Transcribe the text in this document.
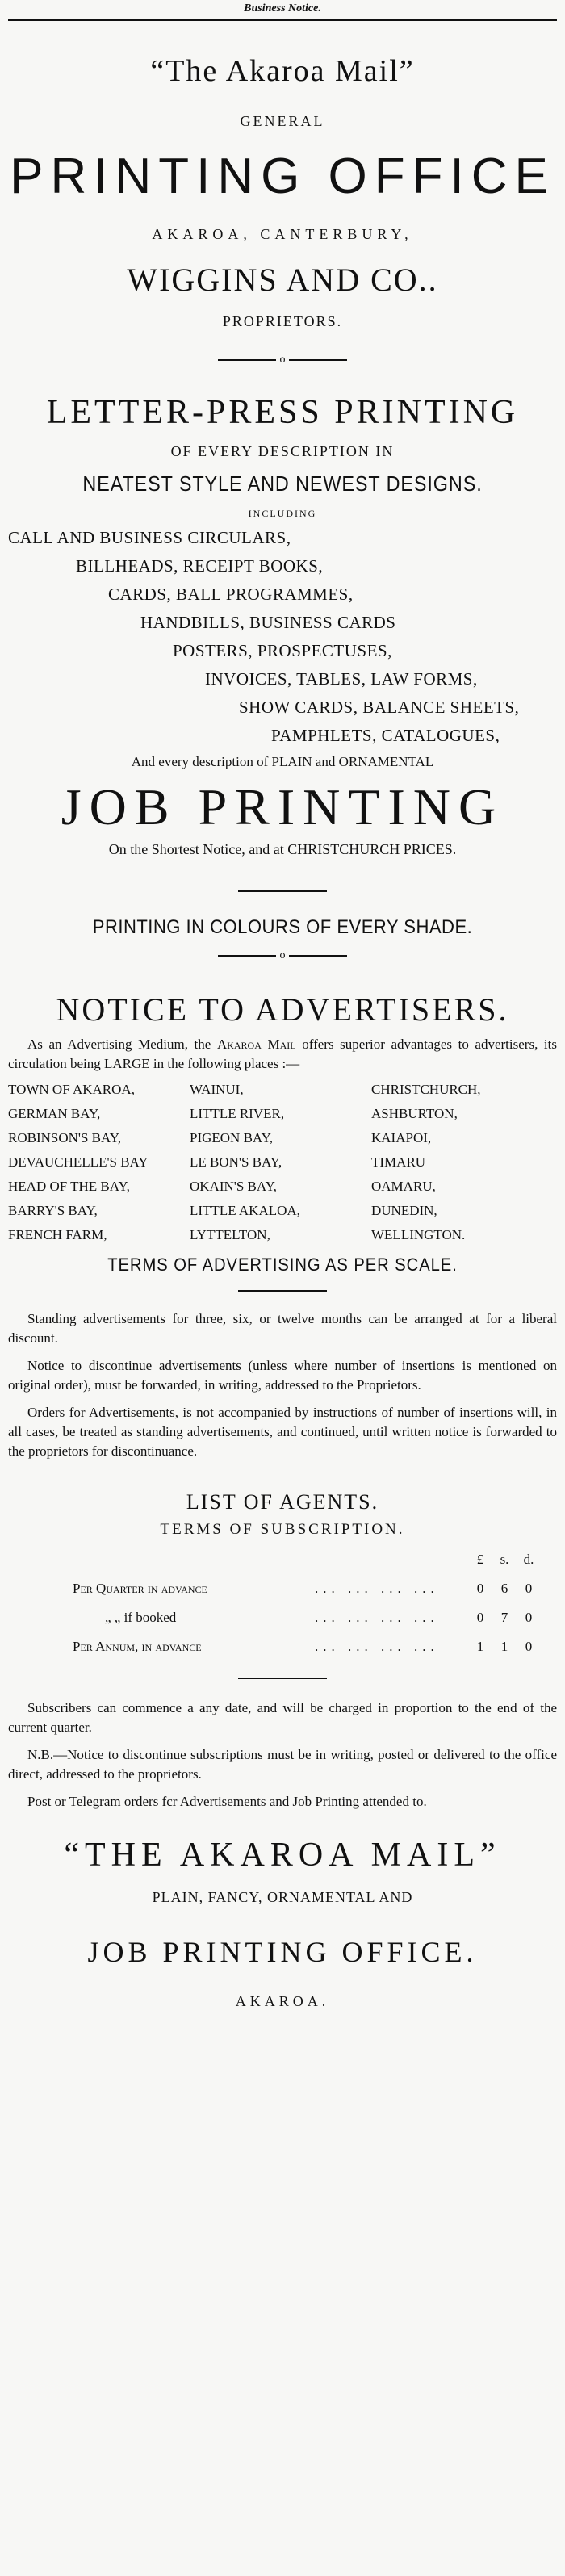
Business Notice.
“The Akaroa Mail”
GENERAL
PRINTING OFFICE
AKAROA, CANTERBURY,
WIGGINS AND CO..
PROPRIETORS.
o
LETTER-PRESS PRINTING
OF EVERY DESCRIPTION IN
NEATEST STYLE AND NEWEST DESIGNS.
INCLUDING
CALL AND BUSINESS CIRCULARS,
BILLHEADS, RECEIPT BOOKS,
CARDS, BALL PROGRAMMES,
HANDBILLS, BUSINESS CARDS
POSTERS, PROSPECTUSES,
INVOICES, TABLES, LAW FORMS,
SHOW CARDS, BALANCE SHEETS,
PAMPHLETS, CATALOGUES,
And every description of PLAIN and ORNAMENTAL
JOB PRINTING
On the Shortest Notice, and at CHRISTCHURCH PRICES.
PRINTING IN COLOURS OF EVERY SHADE.
o
NOTICE TO ADVERTISERS.
As an Advertising Medium, the Akaroa Mail offers superior advantages to advertisers, its circulation being LARGE in the following places :—
TOWN OF AKAROA,	WAINUI,	CHRISTCHURCH,
GERMAN BAY,	LITTLE RIVER,	ASHBURTON,
ROBINSON'S BAY,	PIGEON BAY,	KAIAPOI,
DEVAUCHELLE'S BAY	LE BON'S BAY,	TIMARU
HEAD OF THE BAY,	OKAIN'S BAY,	OAMARU,
BARRY'S BAY,	LITTLE AKALOA,	DUNEDIN,
FRENCH FARM,	LYTTELTON,	WELLINGTON.
TERMS OF ADVERTISING AS PER SCALE.
Standing advertisements for three, six, or twelve months can be arranged at for a liberal discount.
Notice to discontinue advertisements (unless where number of insertions is mentioned on original order), must be forwarded, in writing, addressed to the Proprietors.
Orders for Advertisements, is not accompanied by instructions of number of insertions will, in all cases, be treated as standing advertisements, and continued, until written notice is forwarded to the proprietors for discontinuance.
LIST OF AGENTS.
TERMS OF SUBSCRIPTION.
		£	s.	d.
Per Quarter in advance	... ... ... ...	0	6	0
„ „ if booked	... ... ... ...	0	7	0
Per Annum, in advance	... ... ... ...	1	1	0
Subscribers can commence a any date, and will be charged in proportion to the end of the current quarter.
N.B.—Notice to discontinue subscriptions must be in writing, posted or delivered to the office direct, addressed to the proprietors.
Post or Telegram orders fcr Advertisements and Job Printing attended to.
“THE AKAROA MAIL”
PLAIN, FANCY, ORNAMENTAL AND
JOB PRINTING OFFICE.
AKAROA.
